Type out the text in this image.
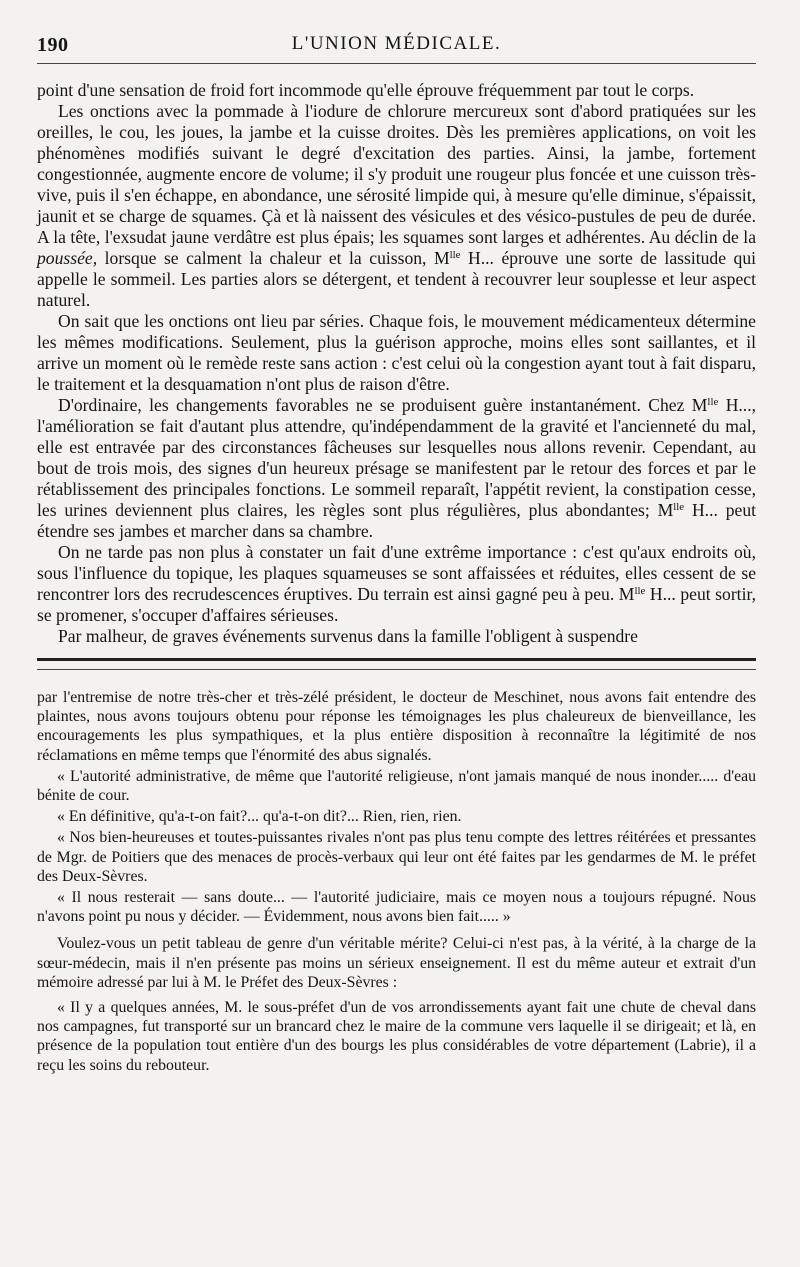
190	L'UNION MÉDICALE.

point d'une sensation de froid fort incommode qu'elle éprouve fréquemment par tout le corps.

Les onctions avec la pommade à l'iodure de chlorure mercureux sont d'abord pratiquées sur les oreilles, le cou, les joues, la jambe et la cuisse droites. Dès les premières applications, on voit les phénomènes modifiés suivant le degré d'excitation des parties. Ainsi, la jambe, fortement congestionnée, augmente encore de volume; il s'y produit une rougeur plus foncée et une cuisson très-vive, puis il s'en échappe, en abondance, une sérosité limpide qui, à mesure qu'elle diminue, s'épaissit, jaunit et se charge de squames. Çà et là naissent des vésicules et des vésico-pustules de peu de durée. A la tête, l'exsudat jaune verdâtre est plus épais; les squames sont larges et adhérentes. Au déclin de la poussée, lorsque se calment la chaleur et la cuisson, $M^{lle}$ H... éprouve une sorte de lassitude qui appelle le sommeil. Les parties alors se détergent, et tendent à recouvrer leur souplesse et leur aspect naturel.

On sait que les onctions ont lieu par séries. Chaque fois, le mouvement médicamenteux détermine les mêmes modifications. Seulement, plus la guérison approche, moins elles sont saillantes, et il arrive un moment où le remède reste sans action : c'est celui où la congestion ayant tout à fait disparu, le traitement et la desquamation n'ont plus de raison d'être.

D'ordinaire, les changements favorables ne se produisent guère instantanément. Chez $M^{lle}$ H..., l'amélioration se fait d'autant plus attendre, qu'indépendamment de la gravité et l'ancienneté du mal, elle est entravée par des circonstances fâcheuses sur lesquelles nous allons revenir. Cependant, au bout de trois mois, des signes d'un heureux présage se manifestent par le retour des forces et par le rétablissement des principales fonctions. Le sommeil reparaît, l'appétit revient, la constipation cesse, les urines deviennent plus claires, les règles sont plus régulières, plus abondantes; $M^{lle}$ H... peut étendre ses jambes et marcher dans sa chambre.

On ne tarde pas non plus à constater un fait d'une extrême importance : c'est qu'aux endroits où, sous l'influence du topique, les plaques squameuses se sont affaissées et réduites, elles cessent de se rencontrer lors des recrudescences éruptives. Du terrain est ainsi gagné peu à peu. $M^{lle}$ H... peut sortir, se promener, s'occuper d'affaires sérieuses.

Par malheur, de graves événements survenus dans la famille l'obligent à suspendre

par l'entremise de notre très-cher et très-zélé président, le docteur de Meschinet, nous avons fait entendre des plaintes, nous avons toujours obtenu pour réponse les témoignages les plus chaleureux de bienveillance, les encouragements les plus sympathiques, et la plus entière disposition à reconnaître la légitimité de nos réclamations en même temps que l'énormité des abus signalés.

« L'autorité administrative, de même que l'autorité religieuse, n'ont jamais manqué de nous inonder..... d'eau bénite de cour.

« En définitive, qu'a-t-on fait?... qu'a-t-on dit?... Rien, rien, rien.

« Nos bien-heureuses et toutes-puissantes rivales n'ont pas plus tenu compte des lettres réitérées et pressantes de Mgr. de Poitiers que des menaces de procès-verbaux qui leur ont été faites par les gendarmes de M. le préfet des Deux-Sèvres.

« Il nous resterait — sans doute... — l'autorité judiciaire, mais ce moyen nous a toujours répugné. Nous n'avons point pu nous y décider. — Évidemment, nous avons bien fait..... »

Voulez-vous un petit tableau de genre d'un véritable mérite? Celui-ci n'est pas, à la vérité, à la charge de la sœur-médecin, mais il n'en présente pas moins un sérieux enseignement. Il est du même auteur et extrait d'un mémoire adressé par lui à M. le Préfet des Deux-Sèvres :

« Il y a quelques années, M. le sous-préfet d'un de vos arrondissements ayant fait une chute de cheval dans nos campagnes, fut transporté sur un brancard chez le maire de la commune vers laquelle il se dirigeait; et là, en présence de la population tout entière d'un des bourgs les plus considérables de votre département (Labrie), il a reçu les soins du rebouteur.
